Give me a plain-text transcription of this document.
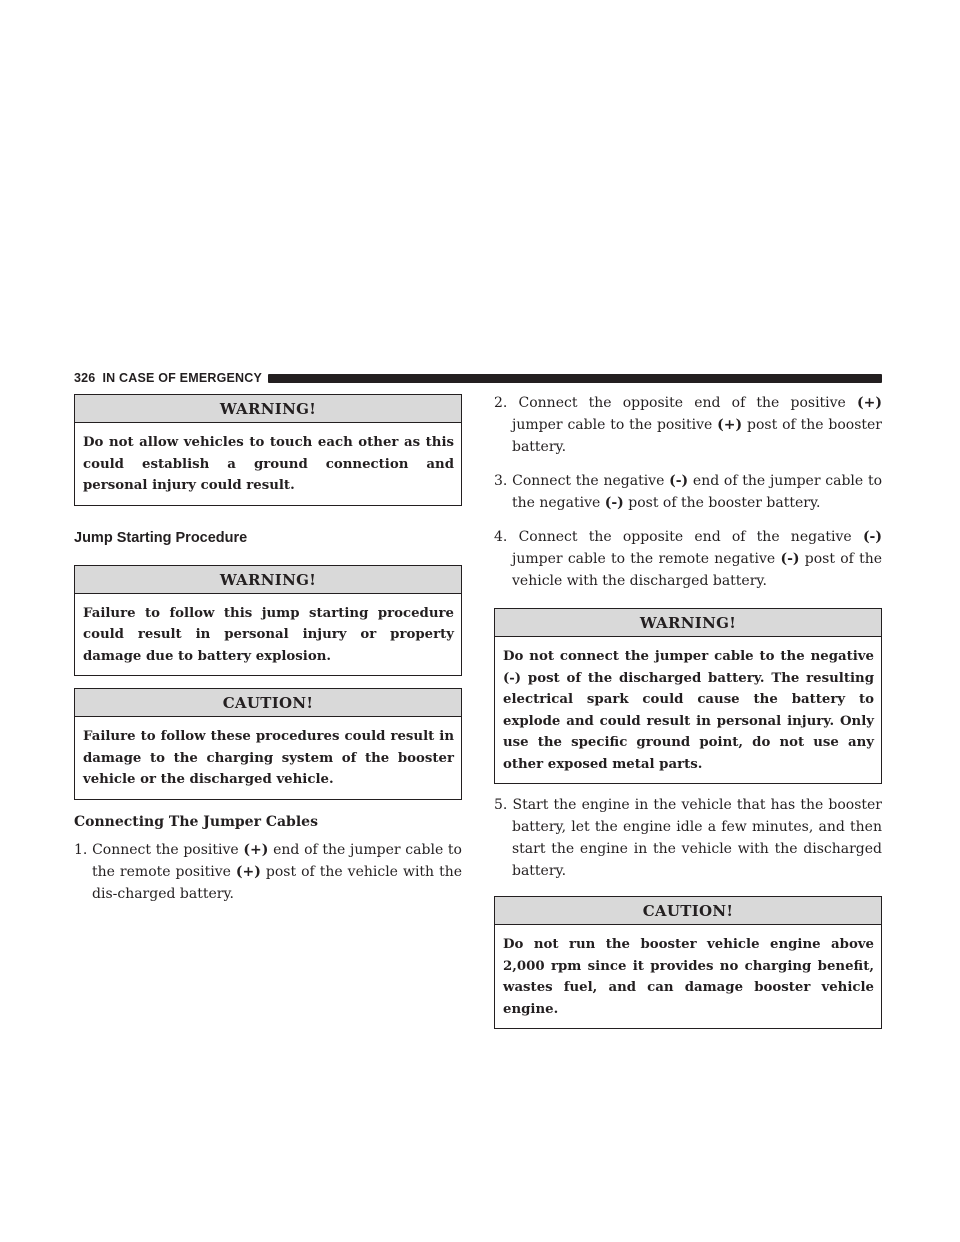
326 IN CASE OF EMERGENCY
WARNING!
Do not allow vehicles to touch each other as this could establish a ground connection and personal injury could result.
Jump Starting Procedure
WARNING!
Failure to follow this jump starting procedure could result in personal injury or property damage due to battery explosion.
CAUTION!
Failure to follow these procedures could result in damage to the charging system of the booster vehicle or the discharged vehicle.
Connecting The Jumper Cables
1. Connect the positive (+) end of the jumper cable to the remote positive (+) post of the vehicle with the dis-charged battery.
2. Connect the opposite end of the positive (+) jumper cable to the positive (+) post of the booster battery.
3. Connect the negative (-) end of the jumper cable to the negative (-) post of the booster battery.
4. Connect the opposite end of the negative (-) jumper cable to the remote negative (-) post of the vehicle with the discharged battery.
WARNING!
Do not connect the jumper cable to the negative (-) post of the discharged battery. The resulting electrical spark could cause the battery to explode and could result in personal injury. Only use the specific ground point, do not use any other exposed metal parts.
5. Start the engine in the vehicle that has the booster battery, let the engine idle a few minutes, and then start the engine in the vehicle with the discharged battery.
CAUTION!
Do not run the booster vehicle engine above 2,000 rpm since it provides no charging benefit, wastes fuel, and can damage booster vehicle engine.
